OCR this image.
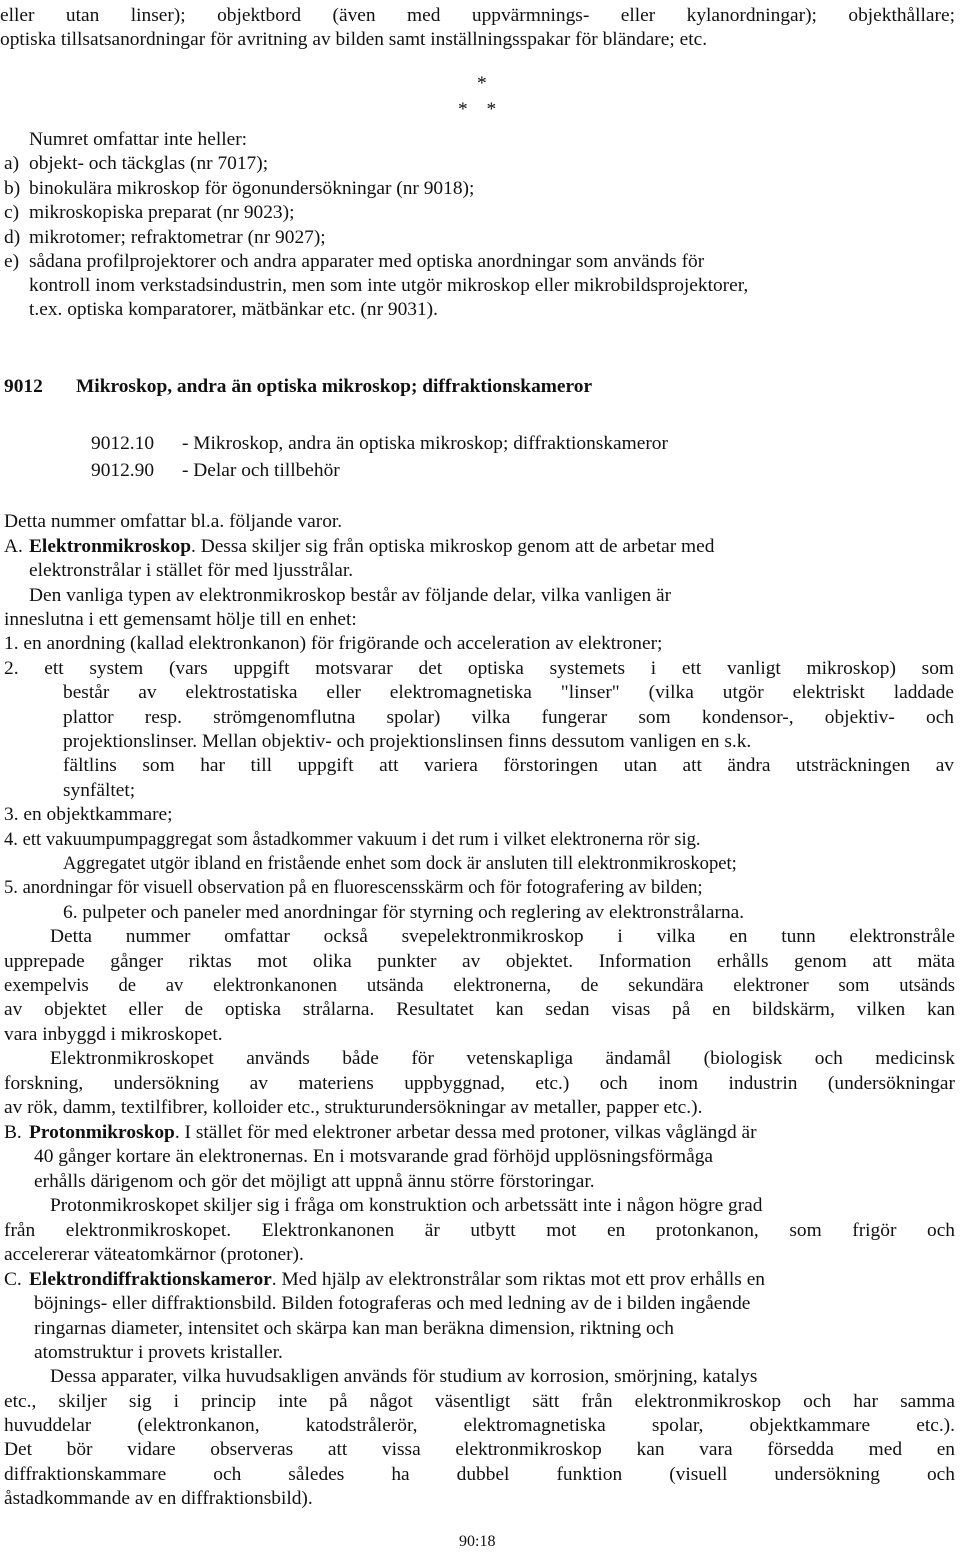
eller utan linser); objektbord (även med uppvärmnings- eller kylanordningar); objekthållare;
optiska tillsatsanordningar för avritning av bilden samt inställningsspakar för bländare; etc.
*
* *
Numret omfattar inte heller:
a) objekt- och täckglas (nr 7017);
b) binokulära mikroskop för ögonundersökningar (nr 9018);
c) mikroskopiska preparat (nr 9023);
d) mikrotomer; refraktometrar (nr 9027);
e) sådana profilprojektorer och andra apparater med optiska anordningar som används för
kontroll inom verkstadsindustrin, men som inte utgör mikroskop eller mikrobildsprojektorer,
t.ex. optiska komparatorer, mätbänkar etc. (nr 9031).
9012 Mikroskop, andra än optiska mikroskop; diffraktionskameror
9012.10 - Mikroskop, andra än optiska mikroskop; diffraktionskameror
9012.90 - Delar och tillbehör
Detta nummer omfattar bl.a. följande varor.
A. Elektronmikroskop. Dessa skiljer sig från optiska mikroskop genom att de arbetar med
elektronstrålar i stället för med ljusstrålar.
Den vanliga typen av elektronmikroskop består av följande delar, vilka vanligen är
inneslutna i ett gemensamt hölje till en enhet:
1. en anordning (kallad elektronkanon) för frigörande och acceleration av elektroner;
2. ett system (vars uppgift motsvarar det optiska systemets i ett vanligt mikroskop) som
består av elektrostatiska eller elektromagnetiska "linser" (vilka utgör elektriskt laddade
plattor resp. strömgenomflutna spolar) vilka fungerar som kondensor-, objektiv- och
projektionslinser. Mellan objektiv- och projektionslinsen finns dessutom vanligen en s.k.
fältlins som har till uppgift att variera förstoringen utan att ändra utsträckningen av
synfältet;
3. en objektkammare;
4. ett vakuumpumpaggregat som åstadkommer vakuum i det rum i vilket elektronerna rör sig.
Aggregatet utgör ibland en fristående enhet som dock är ansluten till elektronmikroskopet;
5. anordningar för visuell observation på en fluorescensskärm och för fotografering av bilden;
6. pulpeter och paneler med anordningar för styrning och reglering av elektronstrålarna.
Detta nummer omfattar också svepelektronmikroskop i vilka en tunn elektronstråle
upprepade gånger riktas mot olika punkter av objektet. Information erhålls genom att mäta
exempelvis de av elektronkanonen utsända elektronerna, de sekundära elektroner som utsänds
av objektet eller de optiska strålarna. Resultatet kan sedan visas på en bildskärm, vilken kan
vara inbyggd i mikroskopet.
Elektronmikroskopet används både för vetenskapliga ändamål (biologisk och medicinsk
forskning, undersökning av materiens uppbyggnad, etc.) och inom industrin (undersökningar
av rök, damm, textilfibrer, kolloider etc., strukturundersökningar av metaller, papper etc.).
B. Protonmikroskop. I stället för med elektroner arbetar dessa med protoner, vilkas våglängd är
40 gånger kortare än elektronernas. En i motsvarande grad förhöjd upplösningsförmåga
erhålls därigenom och gör det möjligt att uppnå ännu större förstoringar.
Protonmikroskopet skiljer sig i fråga om konstruktion och arbetssätt inte i någon högre grad
från elektronmikroskopet. Elektronkanonen är utbytt mot en protonkanon, som frigör och
accelererar väteatomkärnor (protoner).
C. Elektrondiffraktionskameror. Med hjälp av elektronstrålar som riktas mot ett prov erhålls en
böjnings- eller diffraktionsbild. Bilden fotograferas och med ledning av de i bilden ingående
ringarnas diameter, intensitet och skärpa kan man beräkna dimension, riktning och
atomstruktur i provets kristaller.
Dessa apparater, vilka huvudsakligen används för studium av korrosion, smörjning, katalys
etc., skiljer sig i princip inte på något väsentligt sätt från elektronmikroskop och har samma
huvuddelar (elektronkanon, katodstrålerör, elektromagnetiska spolar, objektkammare etc.).
Det bör vidare observeras att vissa elektronmikroskop kan vara försedda med en
diffraktionskammare och således ha dubbel funktion (visuell undersökning och
åstadkommande av en diffraktionsbild).
90:18
